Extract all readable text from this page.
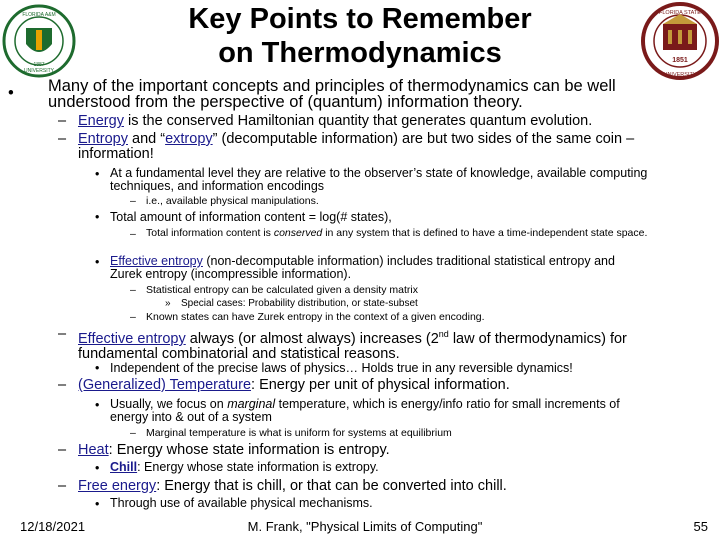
FLORIDA A&M
UNIVERSITY
1887
FLORIDA STATE
UNIVERSITY
1851
Key Points to Remember
on Thermodynamics
• Many of the important concepts and principles of thermodynamics can be well understood from the perspective of (quantum) information theory.
– Energy is the conserved Hamiltonian quantity that generates quantum evolution.
– Entropy and “extropy” (decomputable information) are but two sides of the same coin –
information!
• At a fundamental level they are relative to the observer’s state of knowledge, available computing techniques, and information encodings
– i.e., available physical manipulations.
• Total amount of information content = log(# states),
– Total information content is conserved in any system that is defined to have a time-independent state space.
• Effective entropy (non-decomputable information) includes traditional statistical entropy and
Zurek entropy (incompressible information).
– Statistical entropy can be calculated given a density matrix
» Special cases: Probability distribution, or state-subset
– Known states can have Zurek entropy in the context of a given encoding.
– Effective entropy always (or almost always) increases (2nd law of thermodynamics) for
fundamental combinatorial and statistical reasons.
• Independent of the precise laws of physics… Holds true in any reversible dynamics!
– (Generalized) Temperature: Energy per unit of physical information.
• Usually, we focus on marginal temperature, which is energy/info ratio for small increments of
energy into & out of a system
– Marginal temperature is what is uniform for systems at equilibrium
– Heat: Energy whose state information is entropy.
• Chill: Energy whose state information is extropy.
– Free energy: Energy that is chill, or that can be converted into chill.
• Through use of available physical mechanisms.
12/18/2021	M. Frank, "Physical Limits of Computing"	55
